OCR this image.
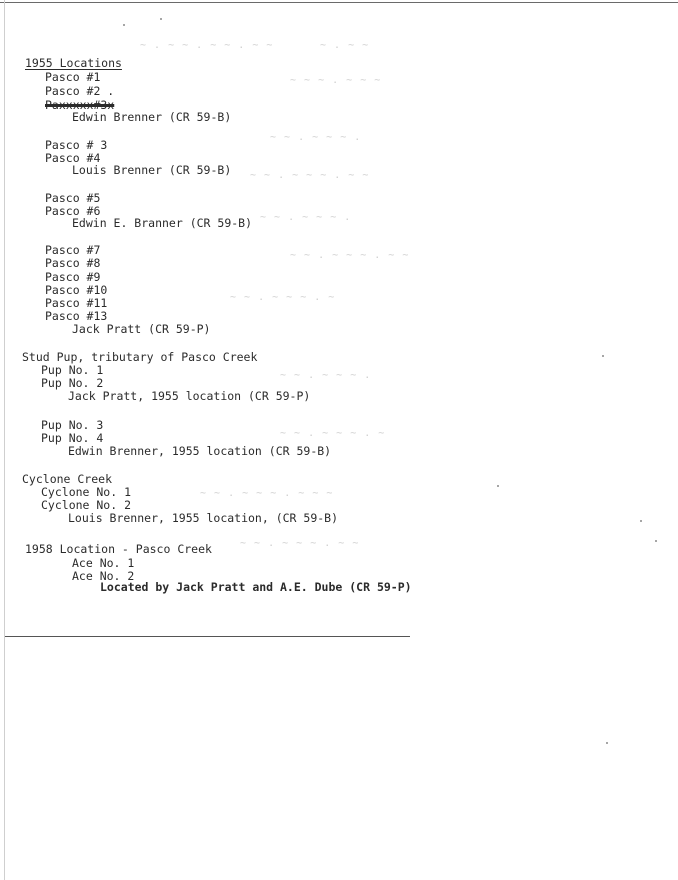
~ . ~ ~ . ~ ~ . ~ ~	~ . ~ ~
~ ~ ~ . ~ ~ ~
~ ~ . ~ ~ ~ .
~ ~ . ~ ~ ~ . ~ ~
~ ~ . ~ ~ ~ .
~ ~ . ~ ~ ~ . ~ ~
~ ~ . ~ ~ ~ . ~
~ ~ . ~ ~ ~ .
~ ~ . ~ ~ ~ . ~
~ ~ . ~ ~ ~ . ~ ~ ~
~ ~ . ~ ~ ~ . ~ ~
1955 Locations
Pasco #1
Pasco #2 .
Paxxxxx#3x
Edwin Brenner (CR 59-B)
Pasco # 3
Pasco #4
Louis Brenner (CR 59-B)
Pasco #5
Pasco #6
Edwin E. Branner (CR 59-B)
Pasco #7
Pasco #8
Pasco #9
Pasco #10
Pasco #11
Pasco #13
Jack Pratt (CR 59-P)
Stud Pup, tributary of Pasco Creek
Pup No. 1
Pup No. 2
Jack Pratt, 1955 location (CR 59-P)
Pup No. 3
Pup No. 4
Edwin Brenner, 1955 location (CR 59-B)
Cyclone Creek
Cyclone No. 1
Cyclone No. 2
Louis Brenner, 1955 location, (CR 59-B)
1958 Location - Pasco Creek
Ace No. 1
Ace No. 2
Located by Jack Pratt and A.E. Dube (CR 59-P)
